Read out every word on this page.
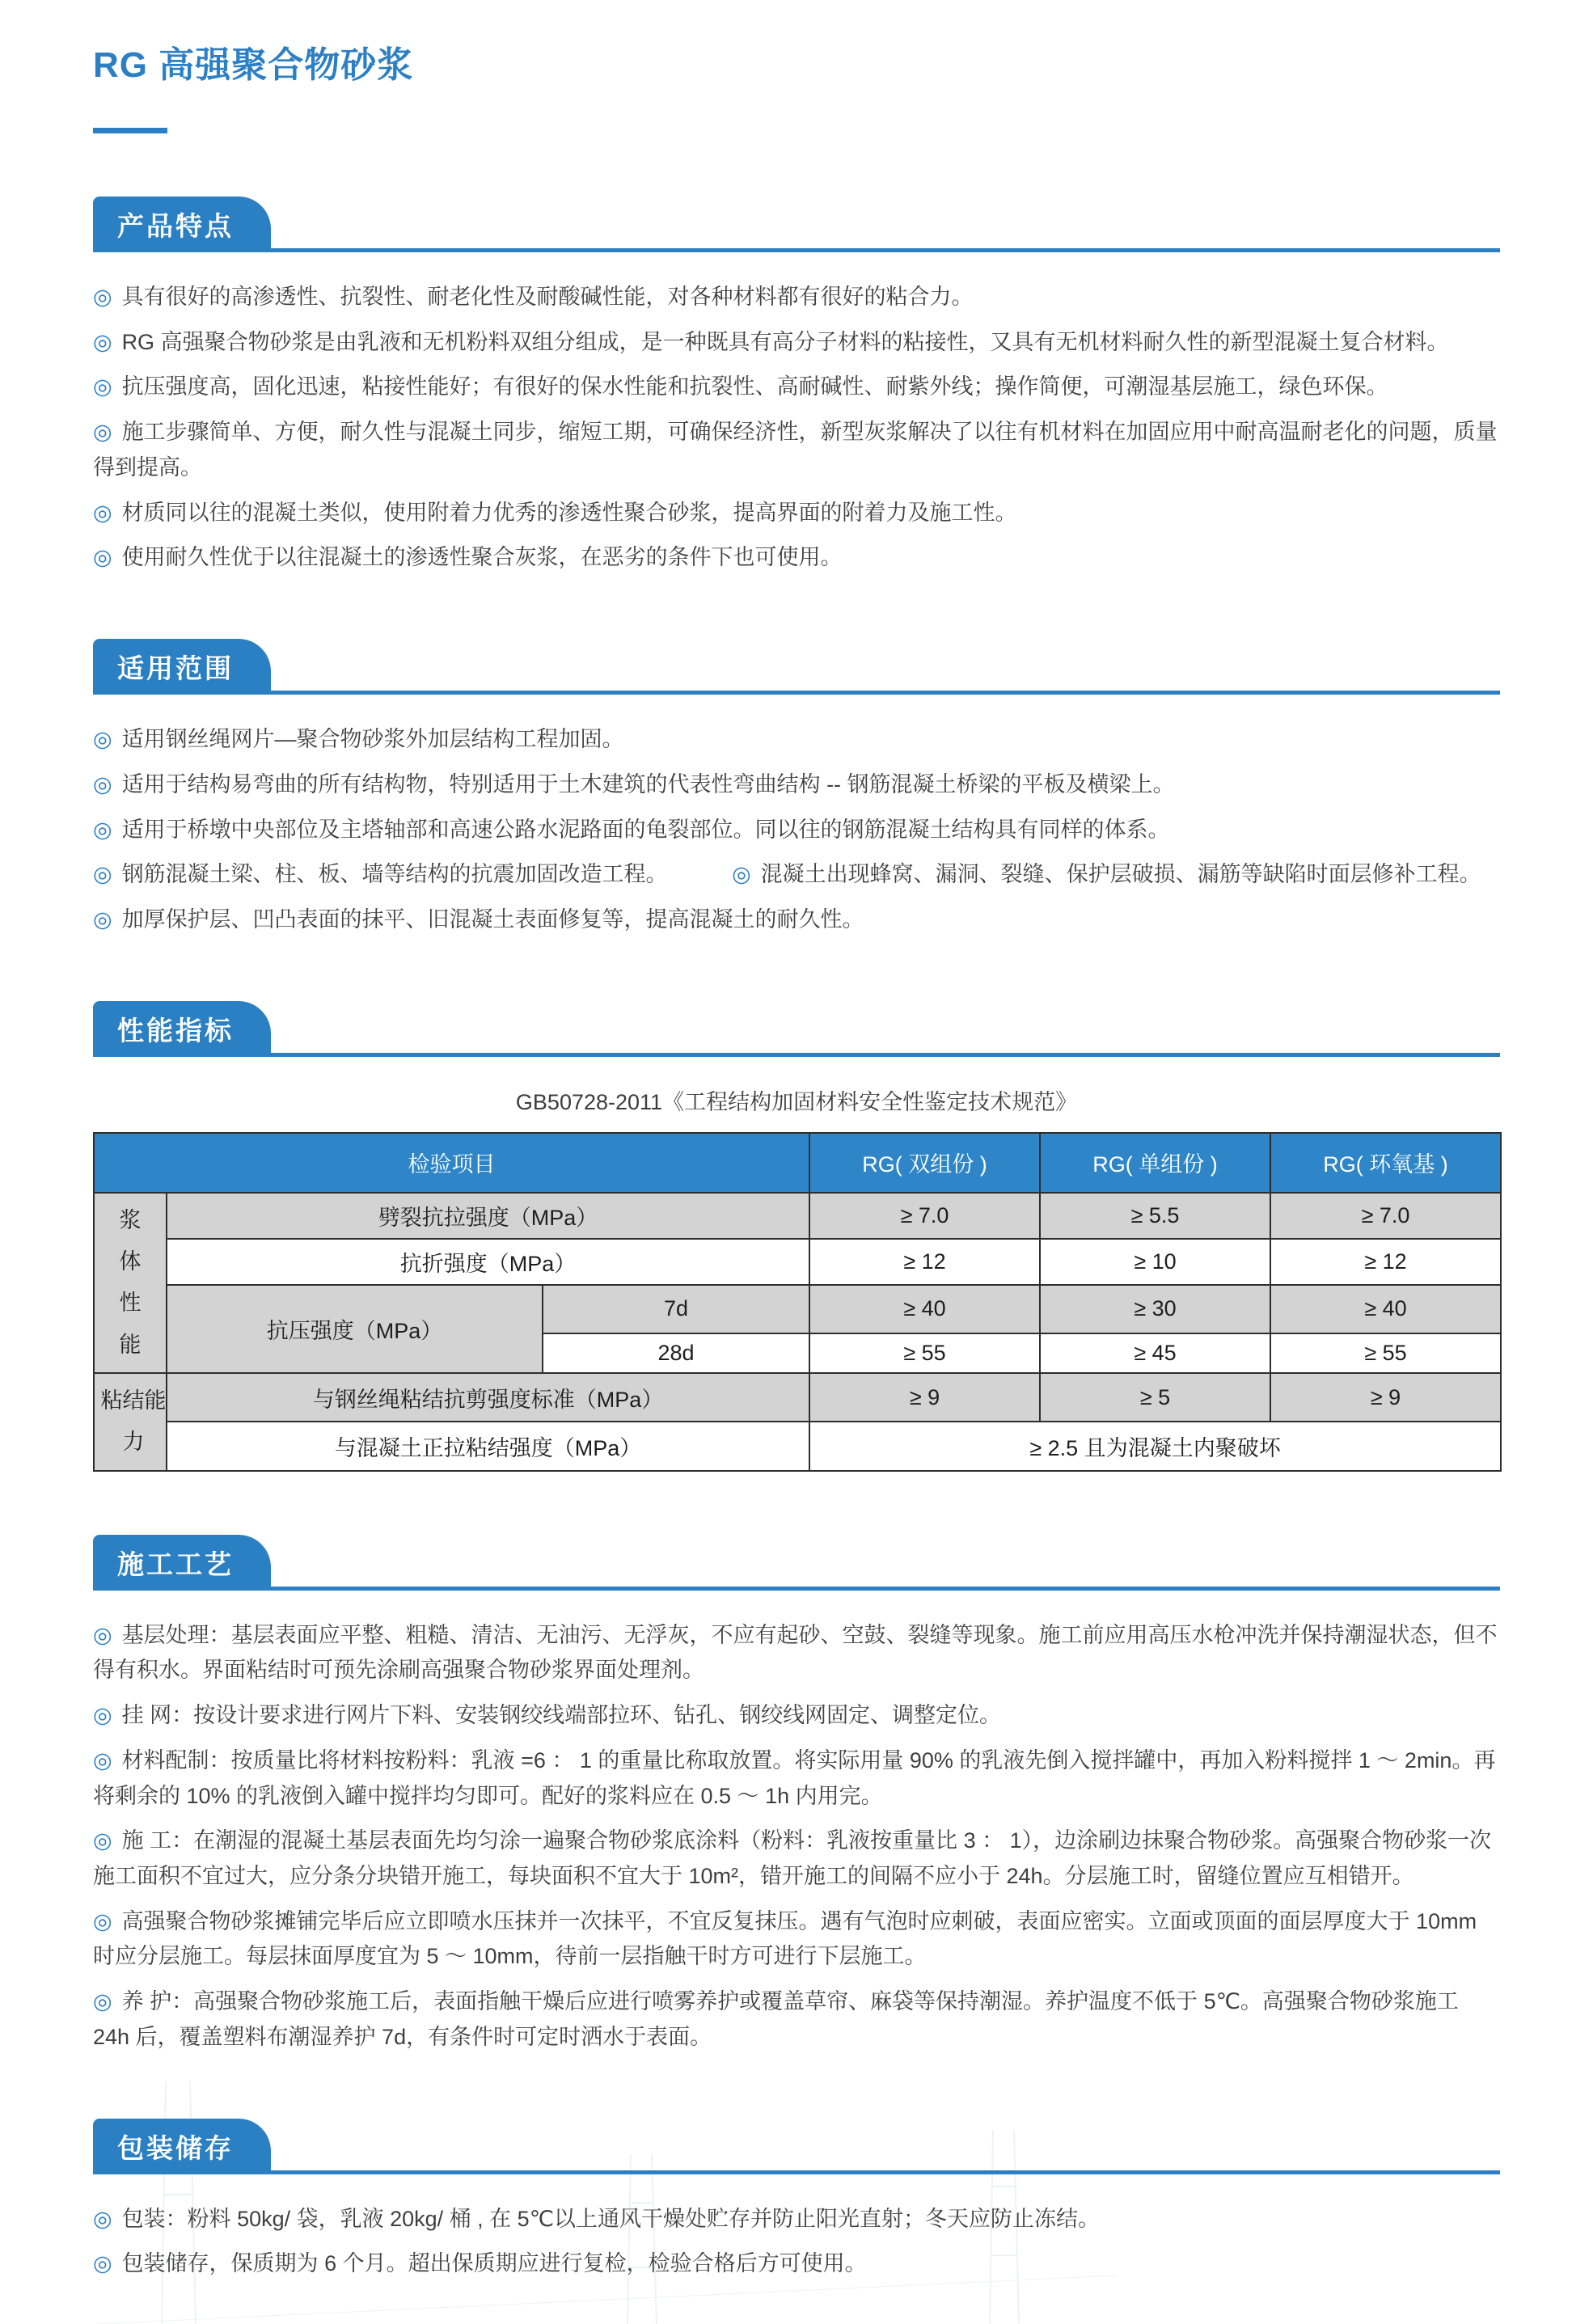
RG 高强聚合物砂浆
产品特点

◎ 具有很好的高渗透性、抗裂性、耐老化性及耐酸碱性能，对各种材料都有很好的粘合力。

◎ RG 高强聚合物砂浆是由乳液和无机粉料双组分组成，是一种既具有高分子材料的粘接性，又具有无机材料耐久性的新型混凝土复合材料。

◎ 抗压强度高，固化迅速，粘接性能好；有很好的保水性能和抗裂性、高耐碱性、耐紫外线；操作简便，可潮湿基层施工，绿色环保。

◎ 施工步骤简单、方便，耐久性与混凝土同步，缩短工期，可确保经济性，新型灰浆解决了以往有机材料在加固应用中耐高温耐老化的问题，质量得到提高。

◎ 材质同以往的混凝土类似，使用附着力优秀的渗透性聚合砂浆，提高界面的附着力及施工性。

◎ 使用耐久性优于以往混凝土的渗透性聚合灰浆，在恶劣的条件下也可使用。

适用范围

◎ 适用钢丝绳网片—聚合物砂浆外加层结构工程加固。

◎ 适用于结构易弯曲的所有结构物，特别适用于土木建筑的代表性弯曲结构 -- 钢筋混凝土桥梁的平板及横梁上。

◎ 适用于桥墩中央部位及主塔轴部和高速公路水泥路面的龟裂部位。同以往的钢筋混凝土结构具有同样的体系。

◎ 钢筋混凝土梁、柱、板、墙等结构的抗震加固改造工程。	◎ 混凝土出现蜂窝、漏洞、裂缝、保护层破损、漏筋等缺陷时面层修补工程。

◎ 加厚保护层、凹凸表面的抹平、旧混凝土表面修复等，提高混凝土的耐久性。

性能指标
GB50728-2011《工程结构加固材料安全性鉴定技术规范》
检验项目			RG( 双组份 )	RG( 单组份 )	RG( 环氧基 )

浆体性能	劈裂抗拉强度（MPa）		≥ 7.0	≥ 5.5	≥ 7.0
	抗折强度（MPa）		≥ 12	≥ 10	≥ 12
	抗压强度（MPa）	7d	≥ 40	≥ 30	≥ 40
		28d	≥ 55	≥ 45	≥ 55

粘结能力	与钢丝绳粘结抗剪强度标准（MPa）		≥ 9	≥ 5	≥ 9
	与混凝土正拉粘结强度（MPa）		≥ 2.5 且为混凝土内聚破坏		
施工工艺

◎ 基层处理：基层表面应平整、粗糙、清洁、无油污、无浮灰，不应有起砂、空鼓、裂缝等现象。施工前应用高压水枪冲洗并保持潮湿状态，但不得有积水。界面粘结时可预先涂刷高强聚合物砂浆界面处理剂。

◎ 挂 网：按设计要求进行网片下料、安装钢绞线端部拉环、钻孔、钢绞线网固定、调整定位。

◎ 材料配制：按质量比将材料按粉料：乳液 =6 ： 1 的重量比称取放置。将实际用量 90% 的乳液先倒入搅拌罐中，再加入粉料搅拌 1 ～ 2min。再将剩余的 10% 的乳液倒入罐中搅拌均匀即可。配好的浆料应在 0.5 ～ 1h 内用完。

◎ 施 工：在潮湿的混凝土基层表面先均匀涂一遍聚合物砂浆底涂料（粉料：乳液按重量比 3 ： 1），边涂刷边抹聚合物砂浆。高强聚合物砂浆一次施工面积不宜过大，应分条分块错开施工，每块面积不宜大于 10m²，错开施工的间隔不应小于 24h。分层施工时，留缝位置应互相错开。

◎ 高强聚合物砂浆摊铺完毕后应立即喷水压抹并一次抹平，不宜反复抹压。遇有气泡时应刺破，表面应密实。立面或顶面的面层厚度大于 10mm 时应分层施工。每层抹面厚度宜为 5 ～ 10mm，待前一层指触干时方可进行下层施工。

◎ 养 护：高强聚合物砂浆施工后，表面指触干燥后应进行喷雾养护或覆盖草帘、麻袋等保持潮湿。养护温度不低于 5℃。高强聚合物砂浆施工 24h 后，覆盖塑料布潮湿养护 7d，有条件时可定时洒水于表面。

包装储存

◎ 包装：粉料 50kg/ 袋，乳液 20kg/ 桶 , 在 5℃以上通风干燥处贮存并防止阳光直射；冬天应防止冻结。

◎ 包装储存，保质期为 6 个月。超出保质期应进行复检，检验合格后方可使用。
